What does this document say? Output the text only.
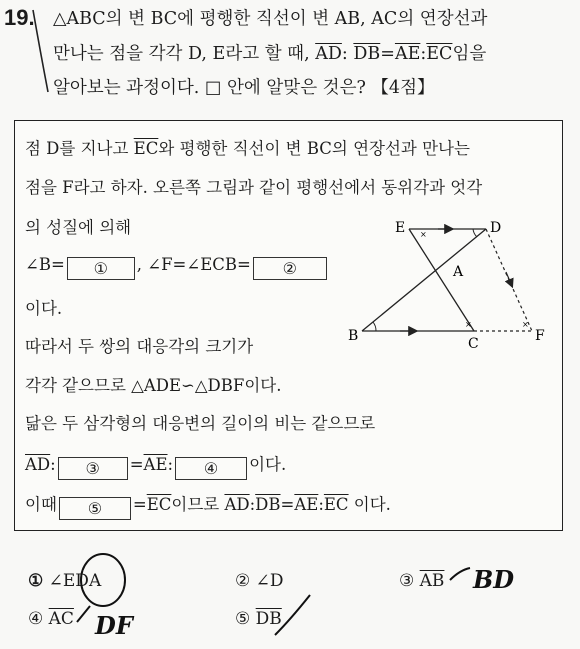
19. △ABC의 변 BC에 평행한 직선이 변 AB, AC의 연장선과
만나는 점을 각각 D, E라고 할 때, $\overline{AD}$: $\overline{DB}=\overline{AE}:\overline{EC}$임을
알아보는 과정이다. □ 안에 알맞은 것은? 【4점】
점 D를 지나고 $\overline{EC}$와 평행한 직선이 변 BC의 연장선과 만나는
점을 F라고 하자. 오른쪽 그림과 같이 평행선에서 동위각과 엇각
의 성질에 의해
∠B= ① , ∠F=∠ECB= ②
이다.
따라서 두 쌍의 대응각의 크기가
각각 같으므로 △ADE∽△DBF이다.
닮은 두 삼각형의 대응변의 길이의 비는 같으므로
$\overline{AD}$: ③ $=\overline{AE}$: ④ 이다.
이때 ⑤ $=\overline{EC}$이므로 $\overline{AD}:\overline{DB}=\overline{AE}:\overline{EC}$ 이다.
×
×	×
E	D
A
B	C	F
① ∠EDA	② ∠D	③ $\overline{AB}$
④ $\overline{AC}$	⑤ $\overline{DB}$
BD
DF
